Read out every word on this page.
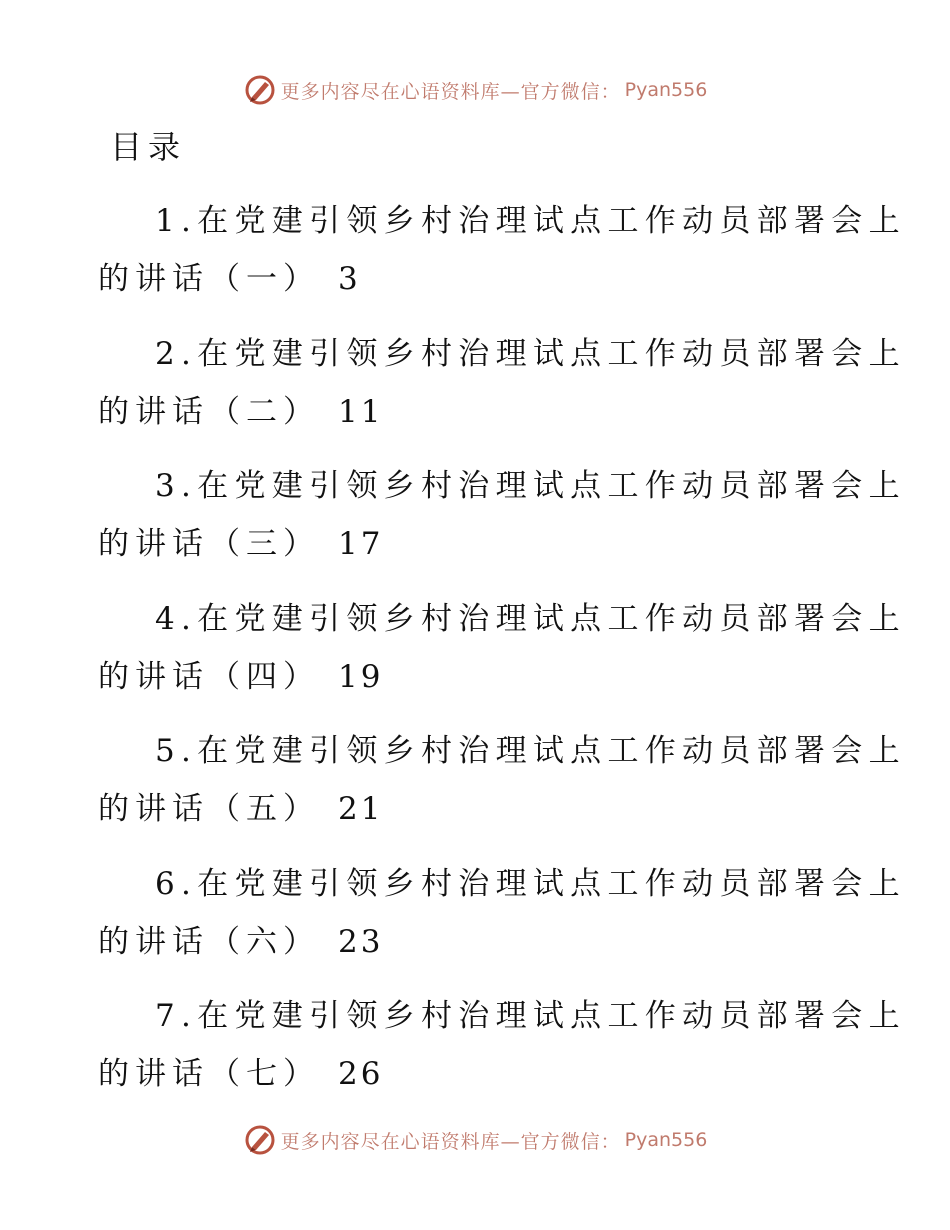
更多内容尽在心语资料库—官方微信： Pyan556
目录
1.在党建引领乡村治理试点工作动员部署会上
的讲话（一） 3
2.在党建引领乡村治理试点工作动员部署会上
的讲话（二） 11
3.在党建引领乡村治理试点工作动员部署会上
的讲话（三） 17
4.在党建引领乡村治理试点工作动员部署会上
的讲话（四） 19
5.在党建引领乡村治理试点工作动员部署会上
的讲话（五） 21
6.在党建引领乡村治理试点工作动员部署会上
的讲话（六） 23
7.在党建引领乡村治理试点工作动员部署会上
的讲话（七） 26
更多内容尽在心语资料库—官方微信： Pyan556
